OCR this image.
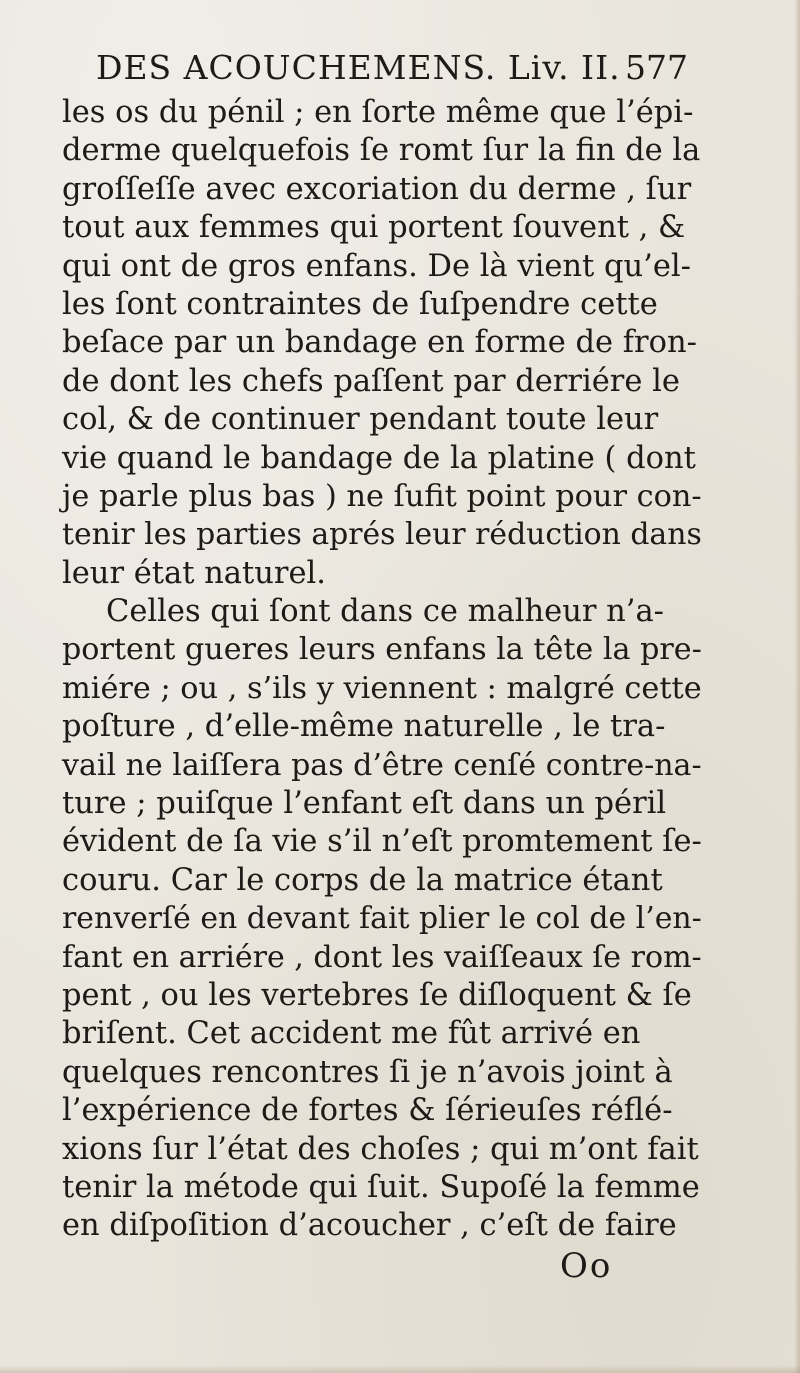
DES ACOUCHEMENS. Liv. II. 577
les os du pénil ; en ſorte même que l’épi-
derme quelquefois ſe romt ſur la fin de la
groſſeſſe avec excoriation du derme , ſur
tout aux femmes qui portent ſouvent , &
qui ont de gros enfans. De là vient qu’el-
les ſont contraintes de ſuſpendre cette
beſace par un bandage en forme de fron-
de dont les chefs paſſent par derriére le
col, & de continuer pendant toute leur
vie quand le bandage de la platine ( dont
je parle plus bas ) ne ſufit point pour con-
tenir les parties aprés leur réduction dans
leur état naturel.
Celles qui ſont dans ce malheur n’a-
portent gueres leurs enfans la tête la pre-
miére ; ou , s’ils y viennent : malgré cette
poſture , d’elle-même naturelle , le tra-
vail ne laiſſera pas d’être cenſé contre-na-
ture ; puiſque l’enfant eſt dans un péril
évident de ſa vie s’il n’eſt promtement ſe-
couru. Car le corps de la matrice étant
renverſé en devant fait plier le col de l’en-
fant en arriére , dont les vaiſſeaux ſe rom-
pent , ou les vertebres ſe diſloquent & ſe
briſent. Cet accident me fût arrivé en
quelques rencontres ſi je n’avois joint à
l’expérience de fortes & ſérieuſes réflé-
xions ſur l’état des choſes ; qui m’ont fait
tenir la métode qui ſuit. Supoſé la femme
en diſpoſition d’acoucher , c’eſt de faire
Oo
